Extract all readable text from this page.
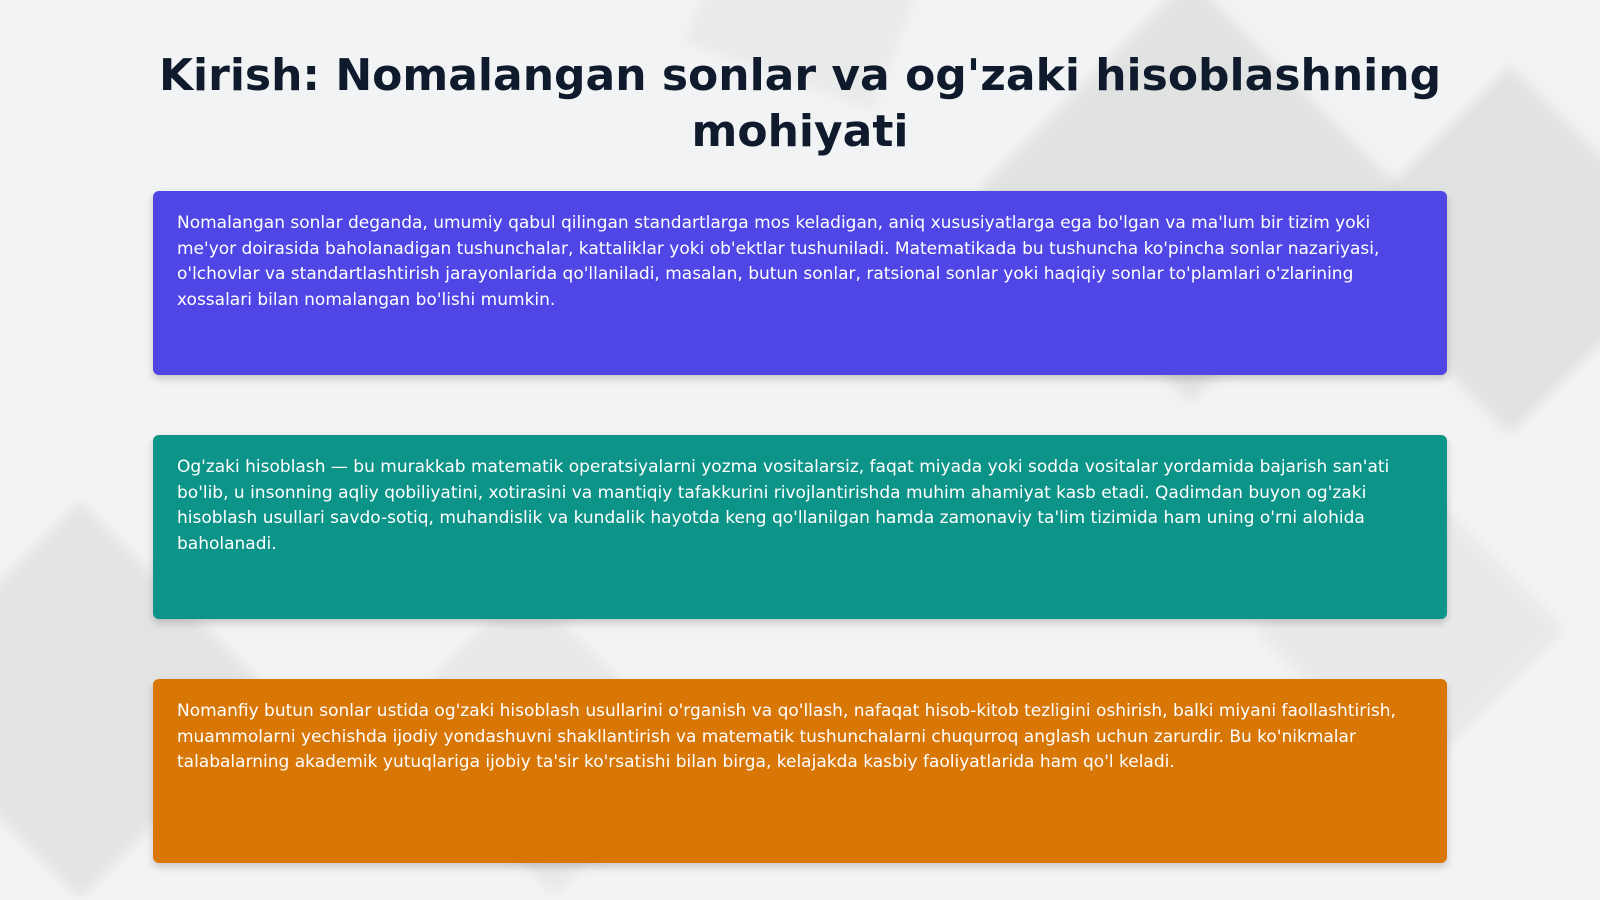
Kirish: Nomalangan sonlar va og'zaki hisoblashning mohiyati

Nomalangan sonlar deganda, umumiy qabul qilingan standartlarga mos keladigan, aniq xususiyatlarga ega bo'lgan va ma'lum bir tizim yoki me'yor doirasida baholanadigan tushunchalar, kattaliklar yoki ob'ektlar tushuniladi. Matematikada bu tushuncha ko'pincha sonlar nazariyasi, o'lchovlar va standartlashtirish jarayonlarida qo'llaniladi, masalan, butun sonlar, ratsional sonlar yoki haqiqiy sonlar to'plamlari o'zlarining xossalari bilan nomalangan bo'lishi mumkin.

Og'zaki hisoblash — bu murakkab matematik operatsiyalarni yozma vositalarsiz, faqat miyada yoki sodda vositalar yordamida bajarish san'ati bo'lib, u insonning aqliy qobiliyatini, xotirasini va mantiqiy tafakkurini rivojlantirishda muhim ahamiyat kasb etadi. Qadimdan buyon og'zaki hisoblash usullari savdo-sotiq, muhandislik va kundalik hayotda keng qo'llanilgan hamda zamonaviy ta'lim tizimida ham uning o'rni alohida baholanadi.

Nomanfiy butun sonlar ustida og'zaki hisoblash usullarini o'rganish va qo'llash, nafaqat hisob-kitob tezligini oshirish, balki miyani faollashtirish, muammolarni yechishda ijodiy yondashuvni shakllantirish va matematik tushunchalarni chuqurroq anglash uchun zarurdir. Bu ko'nikmalar talabalarning akademik yutuqlariga ijobiy ta'sir ko'rsatishi bilan birga, kelajakda kasbiy faoliyatlarida ham qo'l keladi.
